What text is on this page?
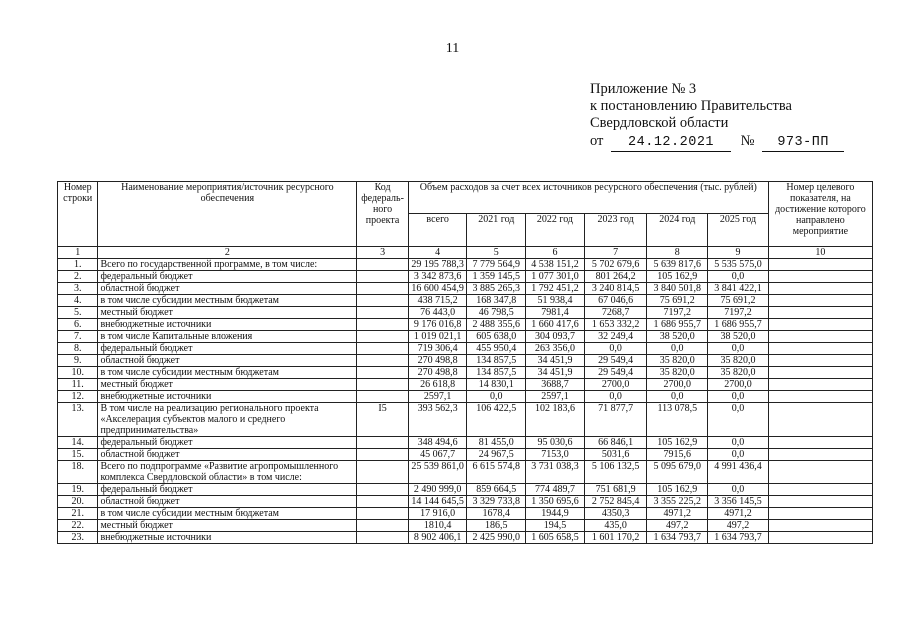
11
Приложение № 3
к постановлению Правительства
Свердловской области
от 24.12.2021 № 973-ПП
Номер строки	Наименование мероприятия/источник ресурсного обеспечения	Код федераль-ного проекта	Объем расходов за счет всех источников ресурсного обеспечения (тыс. рублей)						Номер целевого показателя, на достижение которого направлено мероприятие
			всего	2021 год	2022 год	2023 год	2024 год	2025 год	
1	2	3	4	5	6	7	8	9	10
1.	Всего по государственной программе, в том числе:		29 195 788,3	7 779 564,9	4 538 151,2	5 702 679,6	5 639 817,6	5 535 575,0	
2.	федеральный бюджет		3 342 873,6	1 359 145,5	1 077 301,0	801 264,2	105 162,9	0,0	
3.	областной бюджет		16 600 454,9	3 885 265,3	1 792 451,2	3 240 814,5	3 840 501,8	3 841 422,1	
4.	в том числе субсидии местным бюджетам		438 715,2	168 347,8	51 938,4	67 046,6	75 691,2	75 691,2	
5.	местный бюджет		76 443,0	46 798,5	7981,4	7268,7	7197,2	7197,2	
6.	внебюджетные источники		9 176 016,8	2 488 355,6	1 660 417,6	1 653 332,2	1 686 955,7	1 686 955,7	
7.	в том числе Капитальные вложения		1 019 021,1	605 638,0	304 093,7	32 249,4	38 520,0	38 520,0	
8.	федеральный бюджет		719 306,4	455 950,4	263 356,0	0,0	0,0	0,0	
9.	областной бюджет		270 498,8	134 857,5	34 451,9	29 549,4	35 820,0	35 820,0	
10.	в том числе субсидии местным бюджетам		270 498,8	134 857,5	34 451,9	29 549,4	35 820,0	35 820,0	
11.	местный бюджет		26 618,8	14 830,1	3688,7	2700,0	2700,0	2700,0	
12.	внебюджетные источники		2597,1	0,0	2597,1	0,0	0,0	0,0	
13.	В том числе на реализацию регионального проекта «Акселерация субъектов малого и среднего предпринимательства»	I5	393 562,3	106 422,5	102 183,6	71 877,7	113 078,5	0,0	
14.	федеральный бюджет		348 494,6	81 455,0	95 030,6	66 846,1	105 162,9	0,0	
15.	областной бюджет		45 067,7	24 967,5	7153,0	5031,6	7915,6	0,0	
18.	Всего по подпрограмме «Развитие агропромышленного комплекса Свердловской области» в том числе:		25 539 861,0	6 615 574,8	3 731 038,3	5 106 132,5	5 095 679,0	4 991 436,4	
19.	федеральный бюджет		2 490 999,0	859 664,5	774 489,7	751 681,9	105 162,9	0,0	
20.	областной бюджет		14 144 645,5	3 329 733,8	1 350 695,6	2 752 845,4	3 355 225,2	3 356 145,5	
21.	в том числе субсидии местным бюджетам		17 916,0	1678,4	1944,9	4350,3	4971,2	4971,2	
22.	местный бюджет		1810,4	186,5	194,5	435,0	497,2	497,2	
23.	внебюджетные источники		8 902 406,1	2 425 990,0	1 605 658,5	1 601 170,2	1 634 793,7	1 634 793,7	
